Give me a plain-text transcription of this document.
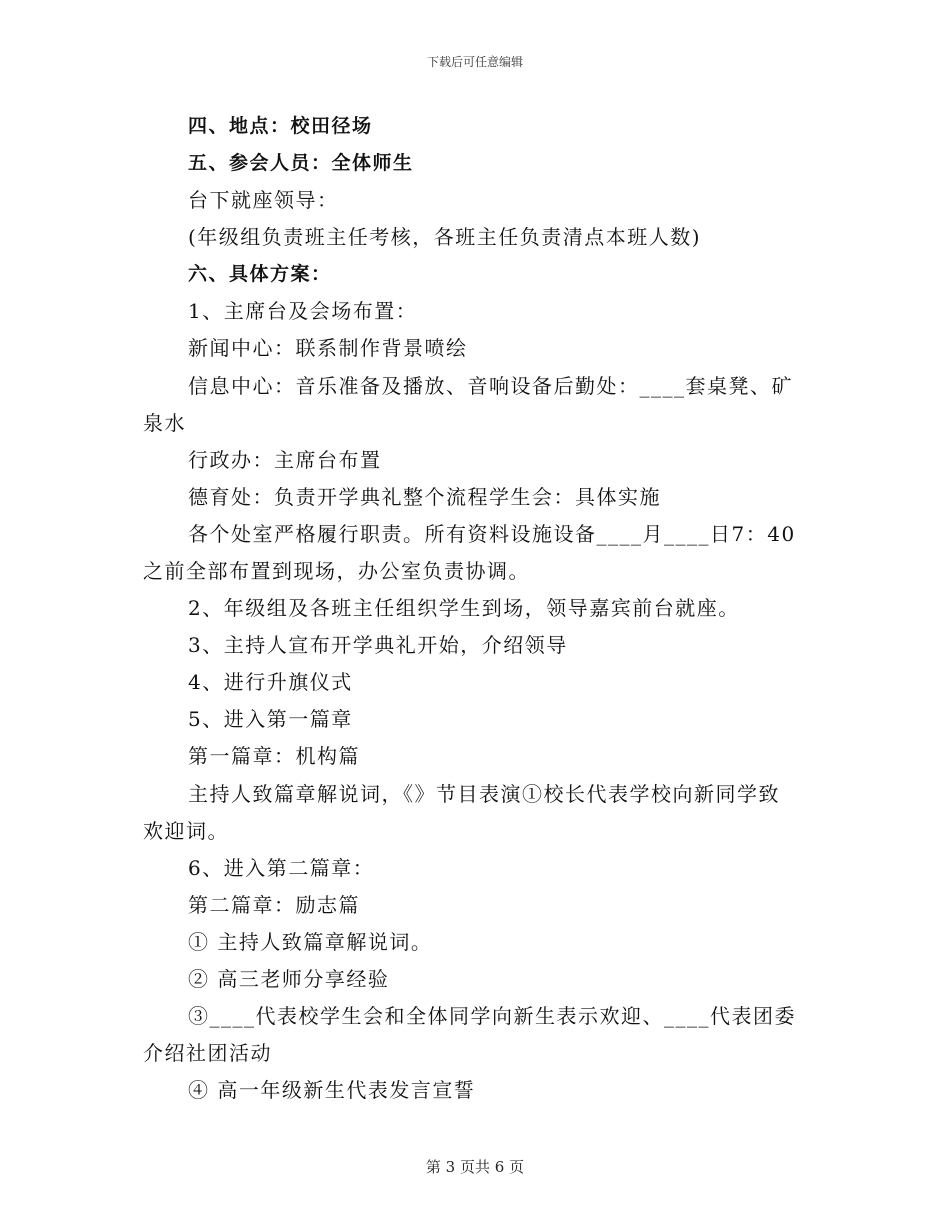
下载后可任意编辑
四、地点：校田径场
五、参会人员：全体师生
台下就座领导：
(年级组负责班主任考核，各班主任负责清点本班人数)
六、具体方案：
1、主席台及会场布置：
新闻中心：联系制作背景喷绘
信息中心：音乐准备及播放、音响设备后勤处：____套桌凳、矿
泉水
行政办：主席台布置
德育处：负责开学典礼整个流程学生会：具体实施
各个处室严格履行职责。所有资料设施设备____月____日7：40
之前全部布置到现场，办公室负责协调。
2、年级组及各班主任组织学生到场，领导嘉宾前台就座。
3、主持人宣布开学典礼开始，介绍领导
4、进行升旗仪式
5、进入第一篇章
第一篇章：机构篇
主持人致篇章解说词，《》节目表演①校长代表学校向新同学致
欢迎词。
6、进入第二篇章：
第二篇章：励志篇
① 主持人致篇章解说词。
② 高三老师分享经验
③____代表校学生会和全体同学向新生表示欢迎、____代表团委
介绍社团活动
④ 高一年级新生代表发言宣誓
第 3 页共 6 页
